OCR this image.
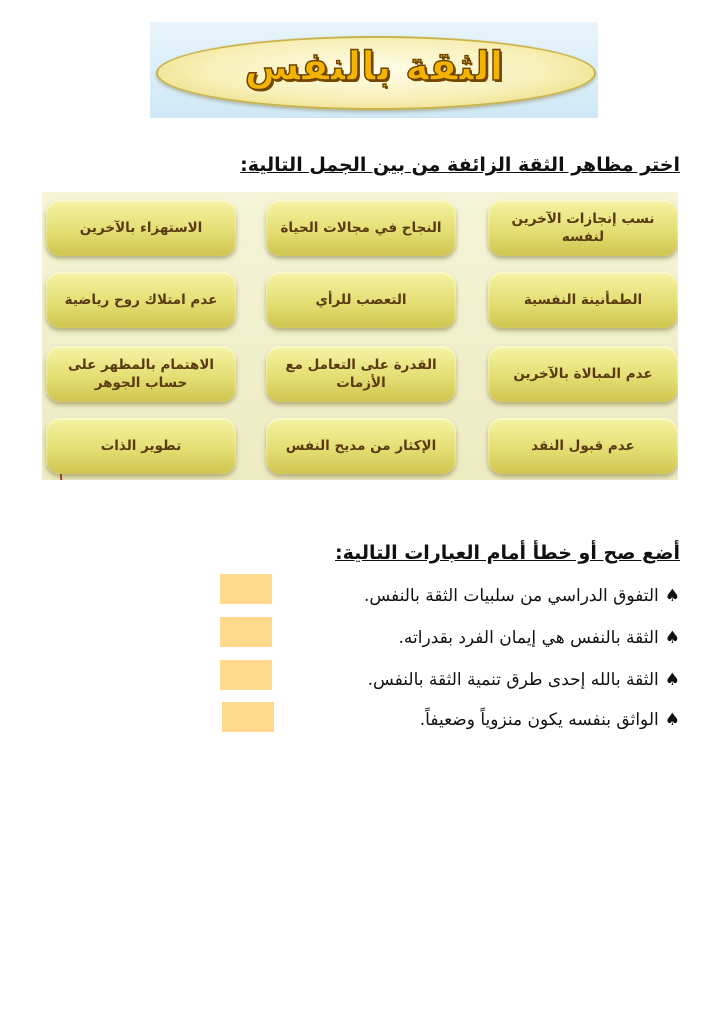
الثقة بالنفس
اختر مظاهر الثقة الزائفة من بين الجمل التالية:
نسب إنجازات الآخرين لنفسه
النجاح في مجالات الحياة
الاستهزاء بالآخرين
الطمأنينة النفسية
التعصب للرأي
عدم امتلاك روح رياضية
عدم المبالاة بالآخرين
القدرة على التعامل مع الأزمات
الاهتمام بالمظهر على حساب الجوهر
عدم قبول النقد
الإكثار من مديح النفس
تطوير الذات
أضع صح أو خطأ أمام العبارات التالية:
♠التفوق الدراسي من سلبيات الثقة بالنفس.
♠الثقة بالنفس هي إيمان الفرد بقدراته.
♠الثقة بالله إحدى طرق تنمية الثقة بالنفس.
♠الواثق بنفسه يكون منزوياً وضعيفاً.
